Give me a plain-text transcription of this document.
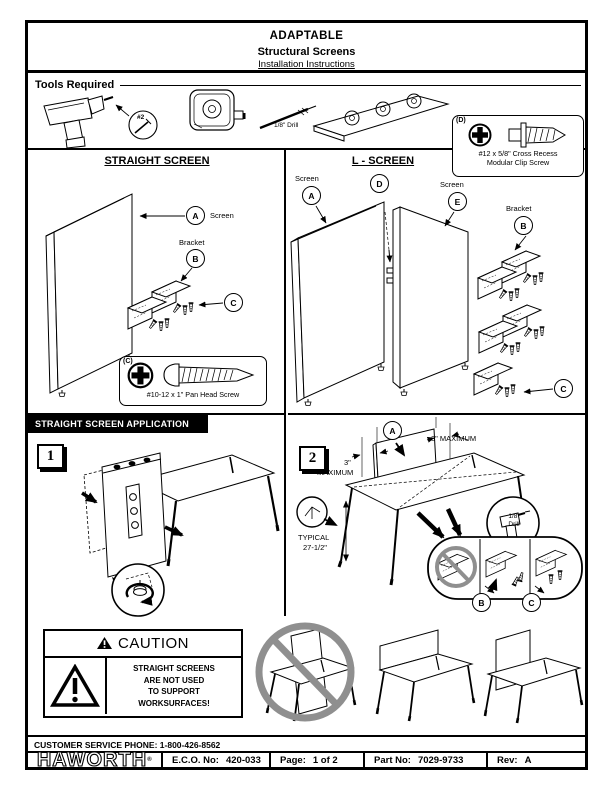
ADAPTABLE
Structural Screens
Installation Instructions
Tools Required
#2
1/8" Drill
(D)
#12 x 5/8" Cross Recess
Modular Clip Screw
STRAIGHT SCREEN
A	Screen
Bracket
B
C
(C)
#10-12 x 1" Pan Head Screw
L - SCREEN
Screen
A
D	Screen
E
Bracket
B
C
STRAIGHT SCREEN APPLICATION
1	2
A
3" MAXIMUM
3"
MAXIMUM
TYPICAL
27-1/2"
1/8"
Drill
B	C
CAUTION
STRAIGHT SCREENS
ARE NOT USED
TO SUPPORT
WORKSURFACES!
CUSTOMER SERVICE PHONE: 1-800-426-8562
HAWORTH ® E.C.O. No: 420-033 Page: 1 of 2	Part No: 7029-9733	Rev: A
